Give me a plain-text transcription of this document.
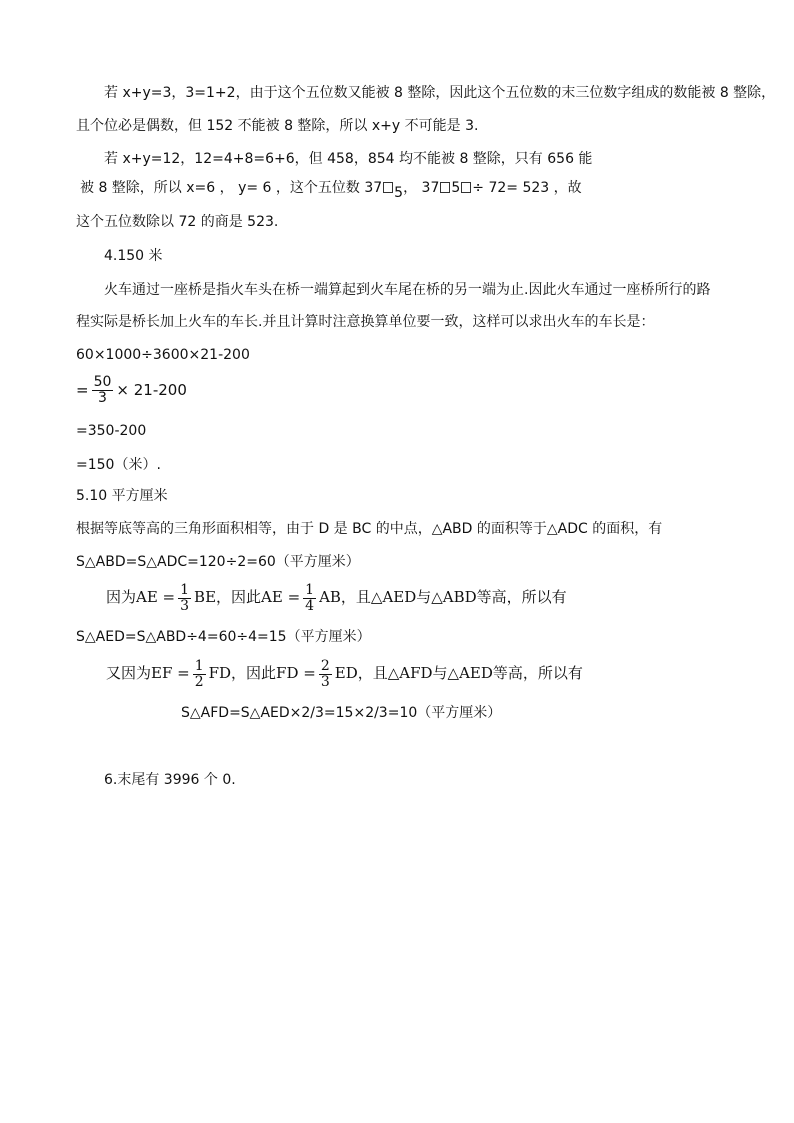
若 x+y=3，3=1+2，由于这个五位数又能被 8 整除，因此这个五位数的末三位数字组成的数能被 8 整除，
且个位必是偶数，但 152 不能被 8 整除，所以 x+y 不可能是 3.
若 x+y=12，12=4+8=6+6，但 458，854 均不能被 8 整除，只有 656 能
被 8 整除，所以 x=6 ， y= 6 ，这个五位数 37 5， 37 5 ÷ 72= 523 ，故
这个五位数除以 72 的商是 523.
4.150 米
火车通过一座桥是指火车头在桥一端算起到火车尾在桥的另一端为止.因此火车通过一座桥所行的路
程实际是桥长加上火车的车长.并且计算时注意换算单位要一致，这样可以求出火车的车长是：
60×1000÷3600×21-200
= $\frac{50}{3} \times 21-200$
=350-200
=150（米）.
5.10 平方厘米
根据等底等高的三角形面积相等，由于 D 是 BC 的中点，△ABD 的面积等于△ADC 的面积，有
S△ABD=S△ADC=120÷2=60（平方厘米）
因为AE = $\frac{1}{3}$ BE，因此AE = $\frac{1}{4}$ AB，且△AED与△ABD等高，所以有
S△AED=S△ABD÷4=60÷4=15（平方厘米）
又因为EF = $\frac{1}{2}$ FD，因此FD = $\frac{2}{3}$ ED，且△AFD与△AED等高，所以有
S△AFD=S△AED×2/3=15×2/3=10（平方厘米）
6.末尾有 3996 个 0.
